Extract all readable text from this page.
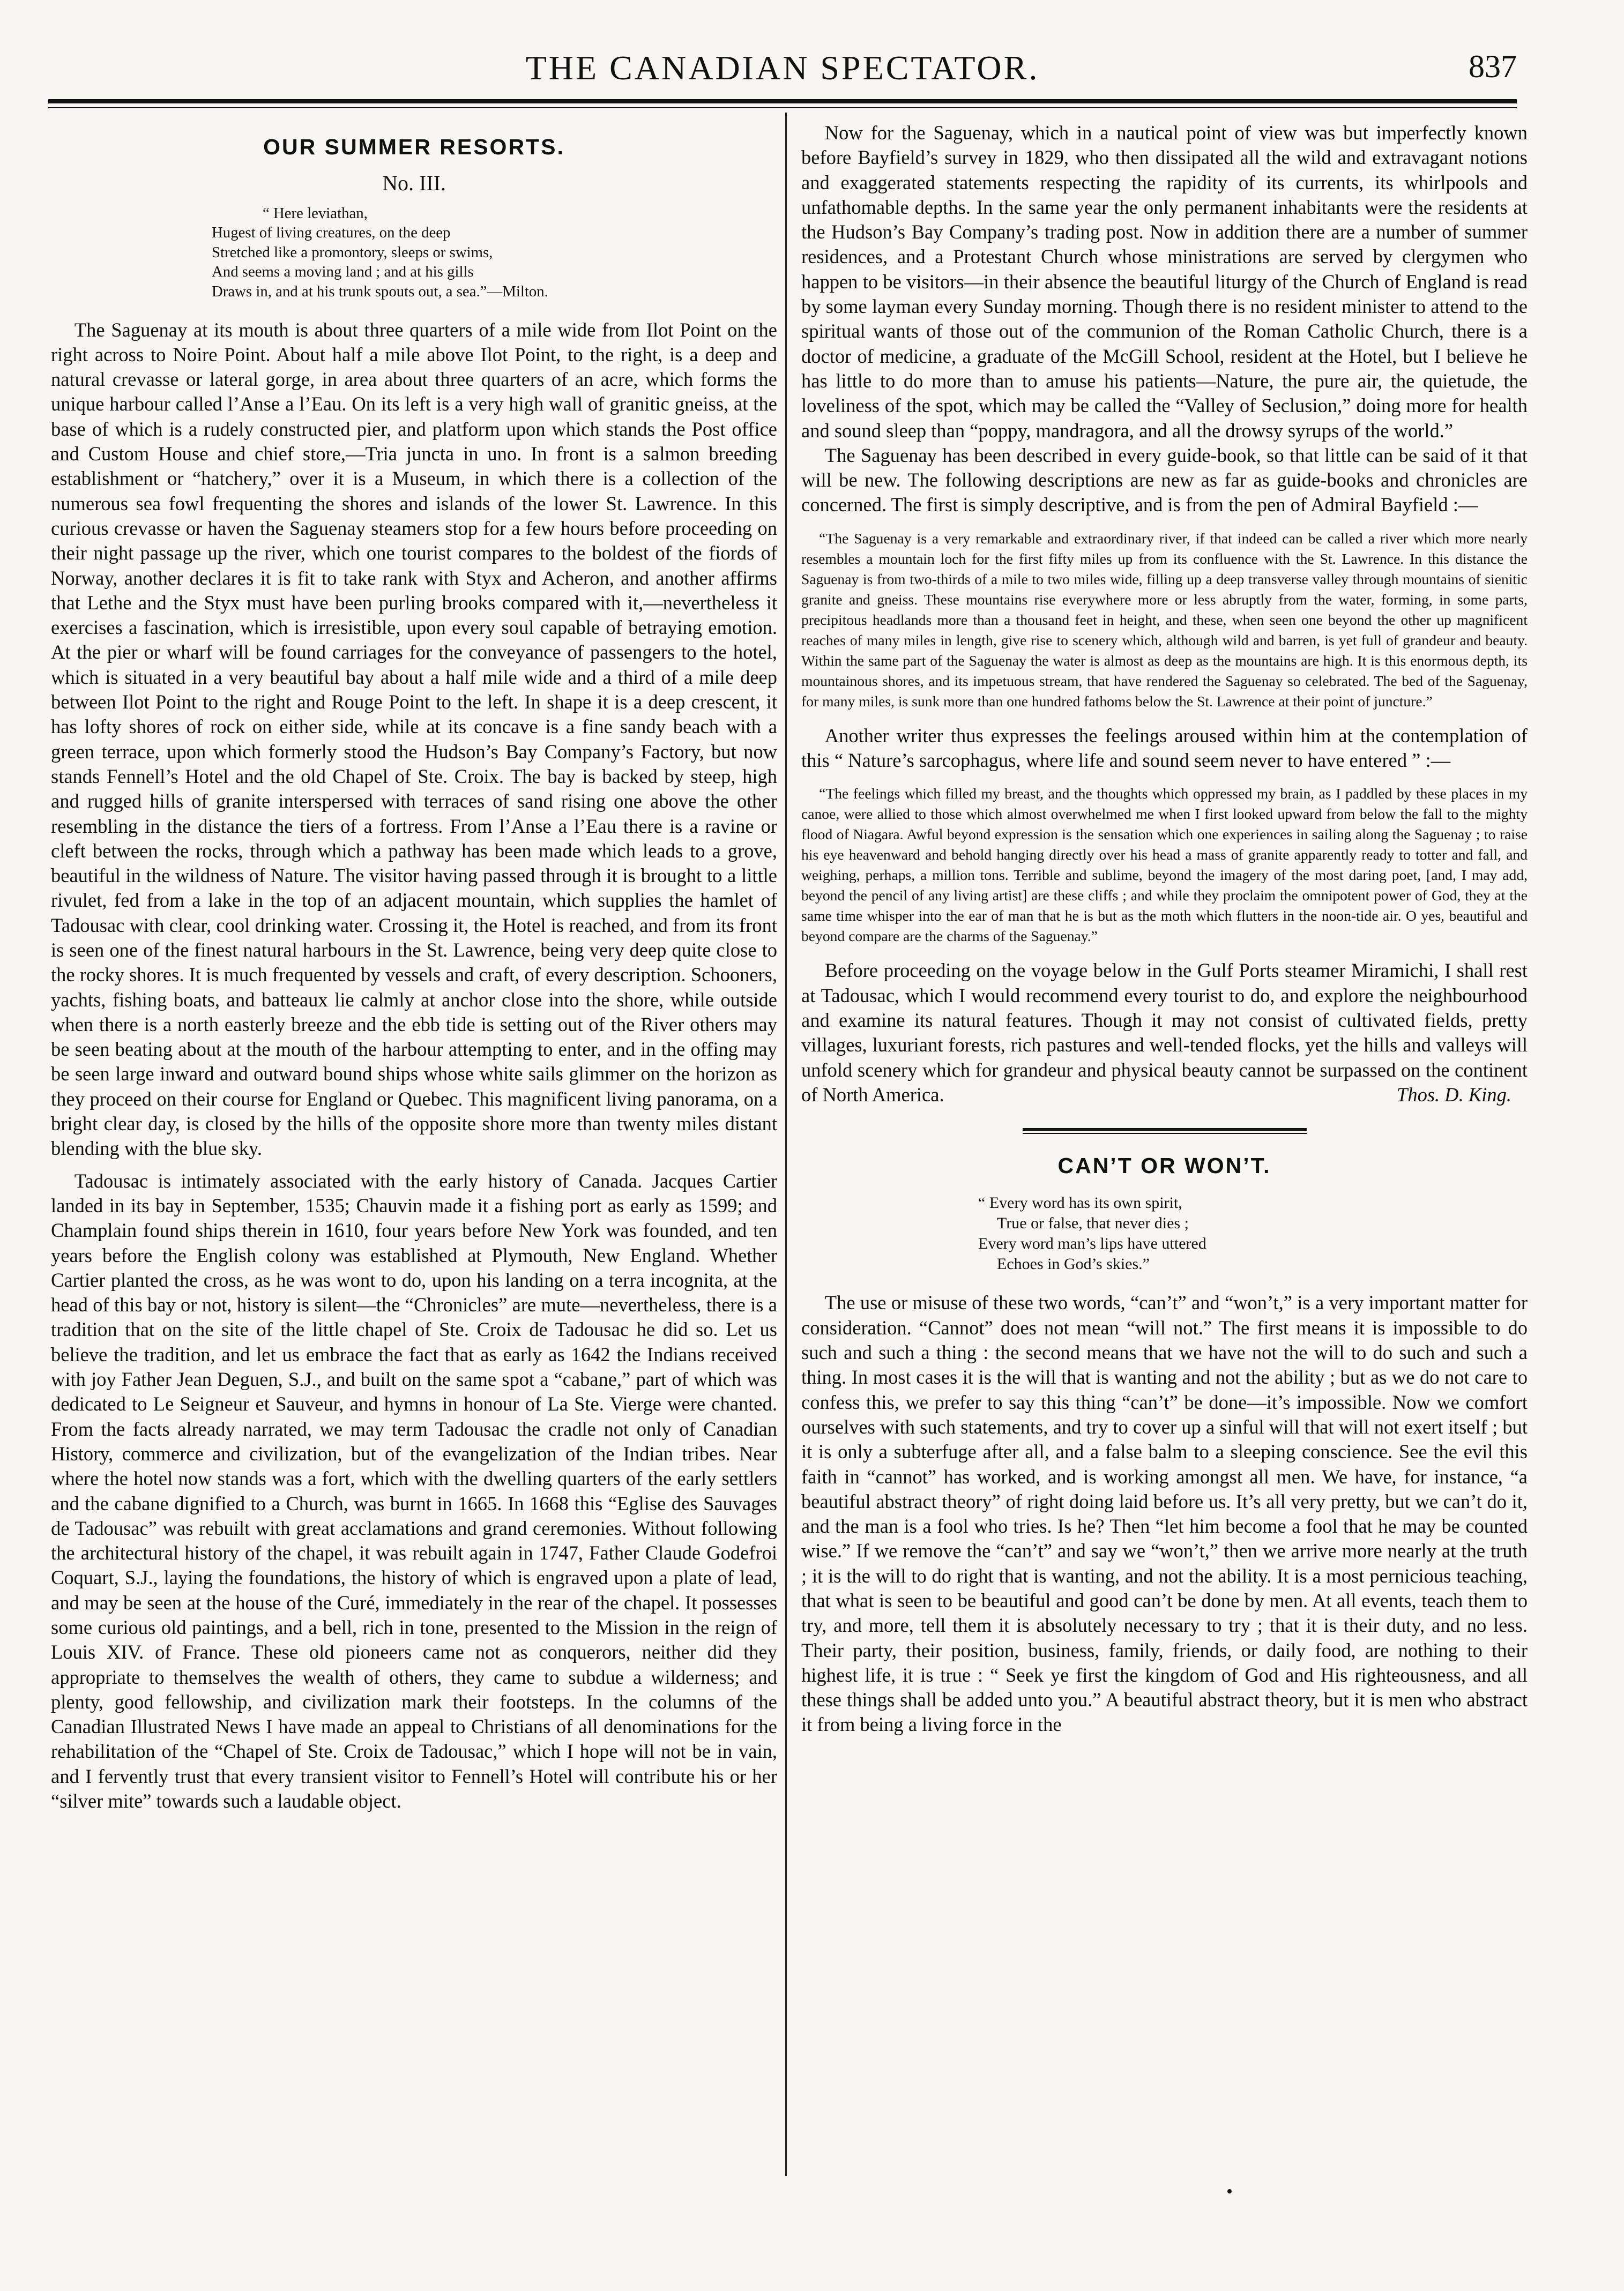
THE CANADIAN SPECTATOR.	837
OUR SUMMER RESORTS.
No. III.
“ Here leviathan,
Hugest of living creatures, on the deep
Stretched like a promontory, sleeps or swims,
And seems a moving land ; and at his gills
Draws in, and at his trunk spouts out, a sea.”—Milton.

The Saguenay at its mouth is about three quarters of a mile wide from Ilot Point on the right across to Noire Point. About half a mile above Ilot Point, to the right, is a deep and natural crevasse or lateral gorge, in area about three quarters of an acre, which forms the unique harbour called l’Anse a l’Eau. On its left is a very high wall of granitic gneiss, at the base of which is a rudely constructed pier, and platform upon which stands the Post office and Custom House and chief store,—Tria juncta in uno. In front is a salmon breeding establishment or “hatchery,” over it is a Museum, in which there is a collection of the numerous sea fowl frequenting the shores and islands of the lower St. Lawrence. In this curious crevasse or haven the Saguenay steamers stop for a few hours before proceeding on their night passage up the river, which one tourist compares to the boldest of the fiords of Norway, another declares it is fit to take rank with Styx and Acheron, and another affirms that Lethe and the Styx must have been purling brooks compared with it,—nevertheless it exercises a fascination, which is irresistible, upon every soul capable of betraying emotion. At the pier or wharf will be found carriages for the conveyance of passengers to the hotel, which is situated in a very beautiful bay about a half mile wide and a third of a mile deep between Ilot Point to the right and Rouge Point to the left. In shape it is a deep crescent, it has lofty shores of rock on either side, while at its concave is a fine sandy beach with a green terrace, upon which formerly stood the Hudson’s Bay Company’s Factory, but now stands Fennell’s Hotel and the old Chapel of Ste. Croix. The bay is backed by steep, high and rugged hills of granite interspersed with terraces of sand rising one above the other resembling in the distance the tiers of a fortress. From l’Anse a l’Eau there is a ravine or cleft between the rocks, through which a pathway has been made which leads to a grove, beautiful in the wildness of Nature. The visitor having passed through it is brought to a little rivulet, fed from a lake in the top of an adjacent mountain, which supplies the hamlet of Tadousac with clear, cool drinking water. Crossing it, the Hotel is reached, and from its front is seen one of the finest natural harbours in the St. Lawrence, being very deep quite close to the rocky shores. It is much frequented by vessels and craft, of every description. Schooners, yachts, fishing boats, and batteaux lie calmly at anchor close into the shore, while outside when there is a north easterly breeze and the ebb tide is setting out of the River others may be seen beating about at the mouth of the harbour attempting to enter, and in the offing may be seen large inward and outward bound ships whose white sails glimmer on the horizon as they proceed on their course for England or Quebec. This magnificent living panorama, on a bright clear day, is closed by the hills of the opposite shore more than twenty miles distant blending with the blue sky.

Tadousac is intimately associated with the early history of Canada. Jacques Cartier landed in its bay in September, 1535; Chauvin made it a fishing port as early as 1599; and Champlain found ships therein in 1610, four years before New York was founded, and ten years before the English colony was established at Plymouth, New England. Whether Cartier planted the cross, as he was wont to do, upon his landing on a terra incognita, at the head of this bay or not, history is silent—the “Chronicles” are mute—nevertheless, there is a tradition that on the site of the little chapel of Ste. Croix de Tadousac he did so. Let us believe the tradition, and let us embrace the fact that as early as 1642 the Indians received with joy Father Jean Deguen, S.J., and built on the same spot a “cabane,” part of which was dedicated to Le Seigneur et Sauveur, and hymns in honour of La Ste. Vierge were chanted. From the facts already narrated, we may term Tadousac the cradle not only of Canadian History, commerce and civilization, but of the evangelization of the Indian tribes. Near where the hotel now stands was a fort, which with the dwelling quarters of the early settlers and the cabane dignified to a Church, was burnt in 1665. In 1668 this “Eglise des Sauvages de Tadousac” was rebuilt with great acclamations and grand ceremonies. Without following the architectural history of the chapel, it was rebuilt again in 1747, Father Claude Godefroi Coquart, S.J., laying the foundations, the history of which is engraved upon a plate of lead, and may be seen at the house of the Curé, immediately in the rear of the chapel. It possesses some curious old paintings, and a bell, rich in tone, presented to the Mission in the reign of Louis XIV. of France. These old pioneers came not as conquerors, neither did they appropriate to themselves the wealth of others, they came to subdue a wilderness; and plenty, good fellowship, and civilization mark their footsteps. In the columns of the Canadian Illustrated News I have made an appeal to Christians of all denominations for the rehabilitation of the “Chapel of Ste. Croix de Tadousac,” which I hope will not be in vain, and I fervently trust that every transient visitor to Fennell’s Hotel will contribute his or her “silver mite” towards such a laudable object.

Now for the Saguenay, which in a nautical point of view was but imperfectly known before Bayfield’s survey in 1829, who then dissipated all the wild and extravagant notions and exaggerated statements respecting the rapidity of its currents, its whirlpools and unfathomable depths. In the same year the only permanent inhabitants were the residents at the Hudson’s Bay Company’s trading post. Now in addition there are a number of summer residences, and a Protestant Church whose ministrations are served by clergymen who happen to be visitors—in their absence the beautiful liturgy of the Church of England is read by some layman every Sunday morning. Though there is no resident minister to attend to the spiritual wants of those out of the communion of the Roman Catholic Church, there is a doctor of medicine, a graduate of the McGill School, resident at the Hotel, but I believe he has little to do more than to amuse his patients—Nature, the pure air, the quietude, the loveliness of the spot, which may be called the “Valley of Seclusion,” doing more for health and sound sleep than “poppy, mandragora, and all the drowsy syrups of the world.”

The Saguenay has been described in every guide-book, so that little can be said of it that will be new. The following descriptions are new as far as guide-books and chronicles are concerned. The first is simply descriptive, and is from the pen of Admiral Bayfield :—

“The Saguenay is a very remarkable and extraordinary river, if that indeed can be called a river which more nearly resembles a mountain loch for the first fifty miles up from its confluence with the St. Lawrence. In this distance the Saguenay is from two-thirds of a mile to two miles wide, filling up a deep transverse valley through mountains of sienitic granite and gneiss. These mountains rise everywhere more or less abruptly from the water, forming, in some parts, precipitous headlands more than a thousand feet in height, and these, when seen one beyond the other up magnificent reaches of many miles in length, give rise to scenery which, although wild and barren, is yet full of grandeur and beauty. Within the same part of the Saguenay the water is almost as deep as the mountains are high. It is this enormous depth, its mountainous shores, and its impetuous stream, that have rendered the Saguenay so celebrated. The bed of the Saguenay, for many miles, is sunk more than one hundred fathoms below the St. Lawrence at their point of juncture.”

Another writer thus expresses the feelings aroused within him at the contemplation of this “ Nature’s sarcophagus, where life and sound seem never to have entered ” :—

“The feelings which filled my breast, and the thoughts which oppressed my brain, as I paddled by these places in my canoe, were allied to those which almost overwhelmed me when I first looked upward from below the fall to the mighty flood of Niagara. Awful beyond expression is the sensation which one experiences in sailing along the Saguenay ; to raise his eye heavenward and behold hanging directly over his head a mass of granite apparently ready to totter and fall, and weighing, perhaps, a million tons. Terrible and sublime, beyond the imagery of the most daring poet, [and, I may add, beyond the pencil of any living artist] are these cliffs ; and while they proclaim the omnipotent power of God, they at the same time whisper into the ear of man that he is but as the moth which flutters in the noon-tide air. O yes, beautiful and beyond compare are the charms of the Saguenay.”

Before proceeding on the voyage below in the Gulf Ports steamer Miramichi, I shall rest at Tadousac, which I would recommend every tourist to do, and explore the neighbourhood and examine its natural features. Though it may not consist of cultivated fields, pretty villages, luxuriant forests, rich pastures and well-tended flocks, yet the hills and valleys will unfold scenery which for grandeur and physical beauty cannot be surpassed on the continent of North America.	Thos. D. King.

CAN’T OR WON’T.
“ Every word has its own spirit,
True or false, that never dies ;
Every word man’s lips have uttered
Echoes in God’s skies.”

The use or misuse of these two words, “can’t” and “won’t,” is a very important matter for consideration. “Cannot” does not mean “will not.” The first means it is impossible to do such and such a thing : the second means that we have not the will to do such and such a thing. In most cases it is the will that is wanting and not the ability ; but as we do not care to confess this, we prefer to say this thing “can’t” be done—it’s impossible. Now we comfort ourselves with such statements, and try to cover up a sinful will that will not exert itself ; but it is only a subterfuge after all, and a false balm to a sleeping conscience. See the evil this faith in “cannot” has worked, and is working amongst all men. We have, for instance, “a beautiful abstract theory” of right doing laid before us. It’s all very pretty, but we can’t do it, and the man is a fool who tries. Is he? Then “let him become a fool that he may be counted wise.” If we remove the “can’t” and say we “won’t,” then we arrive more nearly at the truth ; it is the will to do right that is wanting, and not the ability. It is a most pernicious teaching, that what is seen to be beautiful and good can’t be done by men. At all events, teach them to try, and more, tell them it is absolutely necessary to try ; that it is their duty, and no less. Their party, their position, business, family, friends, or daily food, are nothing to their highest life, it is true : “ Seek ye first the kingdom of God and His righteousness, and all these things shall be added unto you.” A beautiful abstract theory, but it is men who abstract it from being a living force in the
